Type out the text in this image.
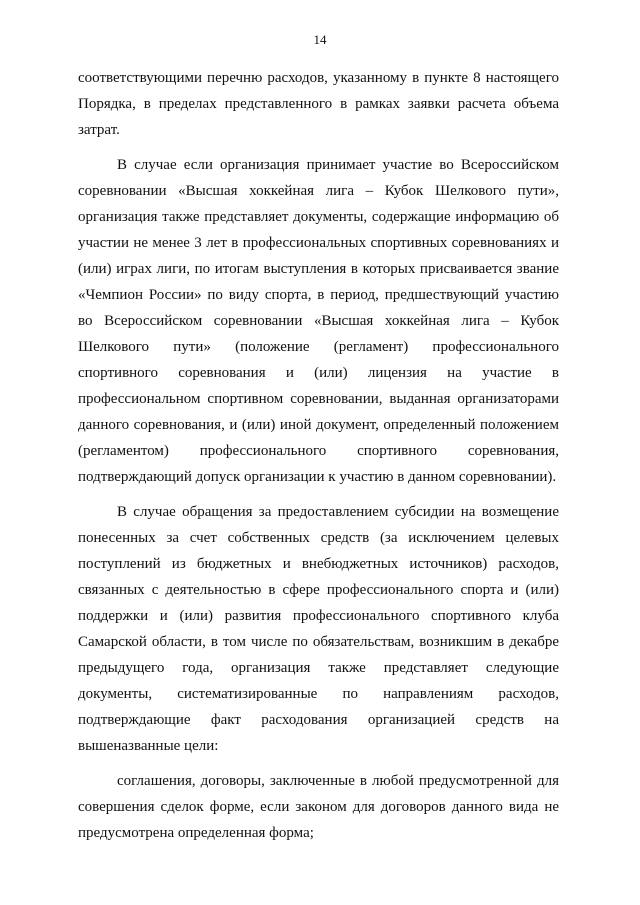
14

соответствующими перечню расходов, указанному в пункте 8 настоящего Порядка, в пределах представленного в рамках заявки расчета объема затрат.

В случае если организация принимает участие во Всероссийском соревновании «Высшая хоккейная лига – Кубок Шелкового пути», организация также представляет документы, содержащие информацию об участии не менее 3 лет в профессиональных спортивных соревнованиях и (или) играх лиги, по итогам выступления в которых присваивается звание «Чемпион России» по виду спорта, в период, предшествующий участию во Всероссийском соревновании «Высшая хоккейная лига – Кубок Шелкового пути» (положение (регламент) профессионального спортивного соревнования и (или) лицензия на участие в профессиональном спортивном соревновании, выданная организаторами данного соревнования, и (или) иной документ, определенный положением (регламентом) профессионального спортивного соревнования, подтверждающий допуск организации к участию в данном соревновании).

В случае обращения за предоставлением субсидии на возмещение понесенных за счет собственных средств (за исключением целевых поступлений из бюджетных и внебюджетных источников) расходов, связанных с деятельностью в сфере профессионального спорта и (или) поддержки и (или) развития профессионального спортивного клуба Самарской области, в том числе по обязательствам, возникшим в декабре предыдущего года, организация также представляет следующие документы, систематизированные по направлениям расходов, подтверждающие факт расходования организацией средств на вышеназванные цели:

соглашения, договоры, заключенные в любой предусмотренной для совершения сделок форме, если законом для договоров данного вида не предусмотрена определенная форма;
